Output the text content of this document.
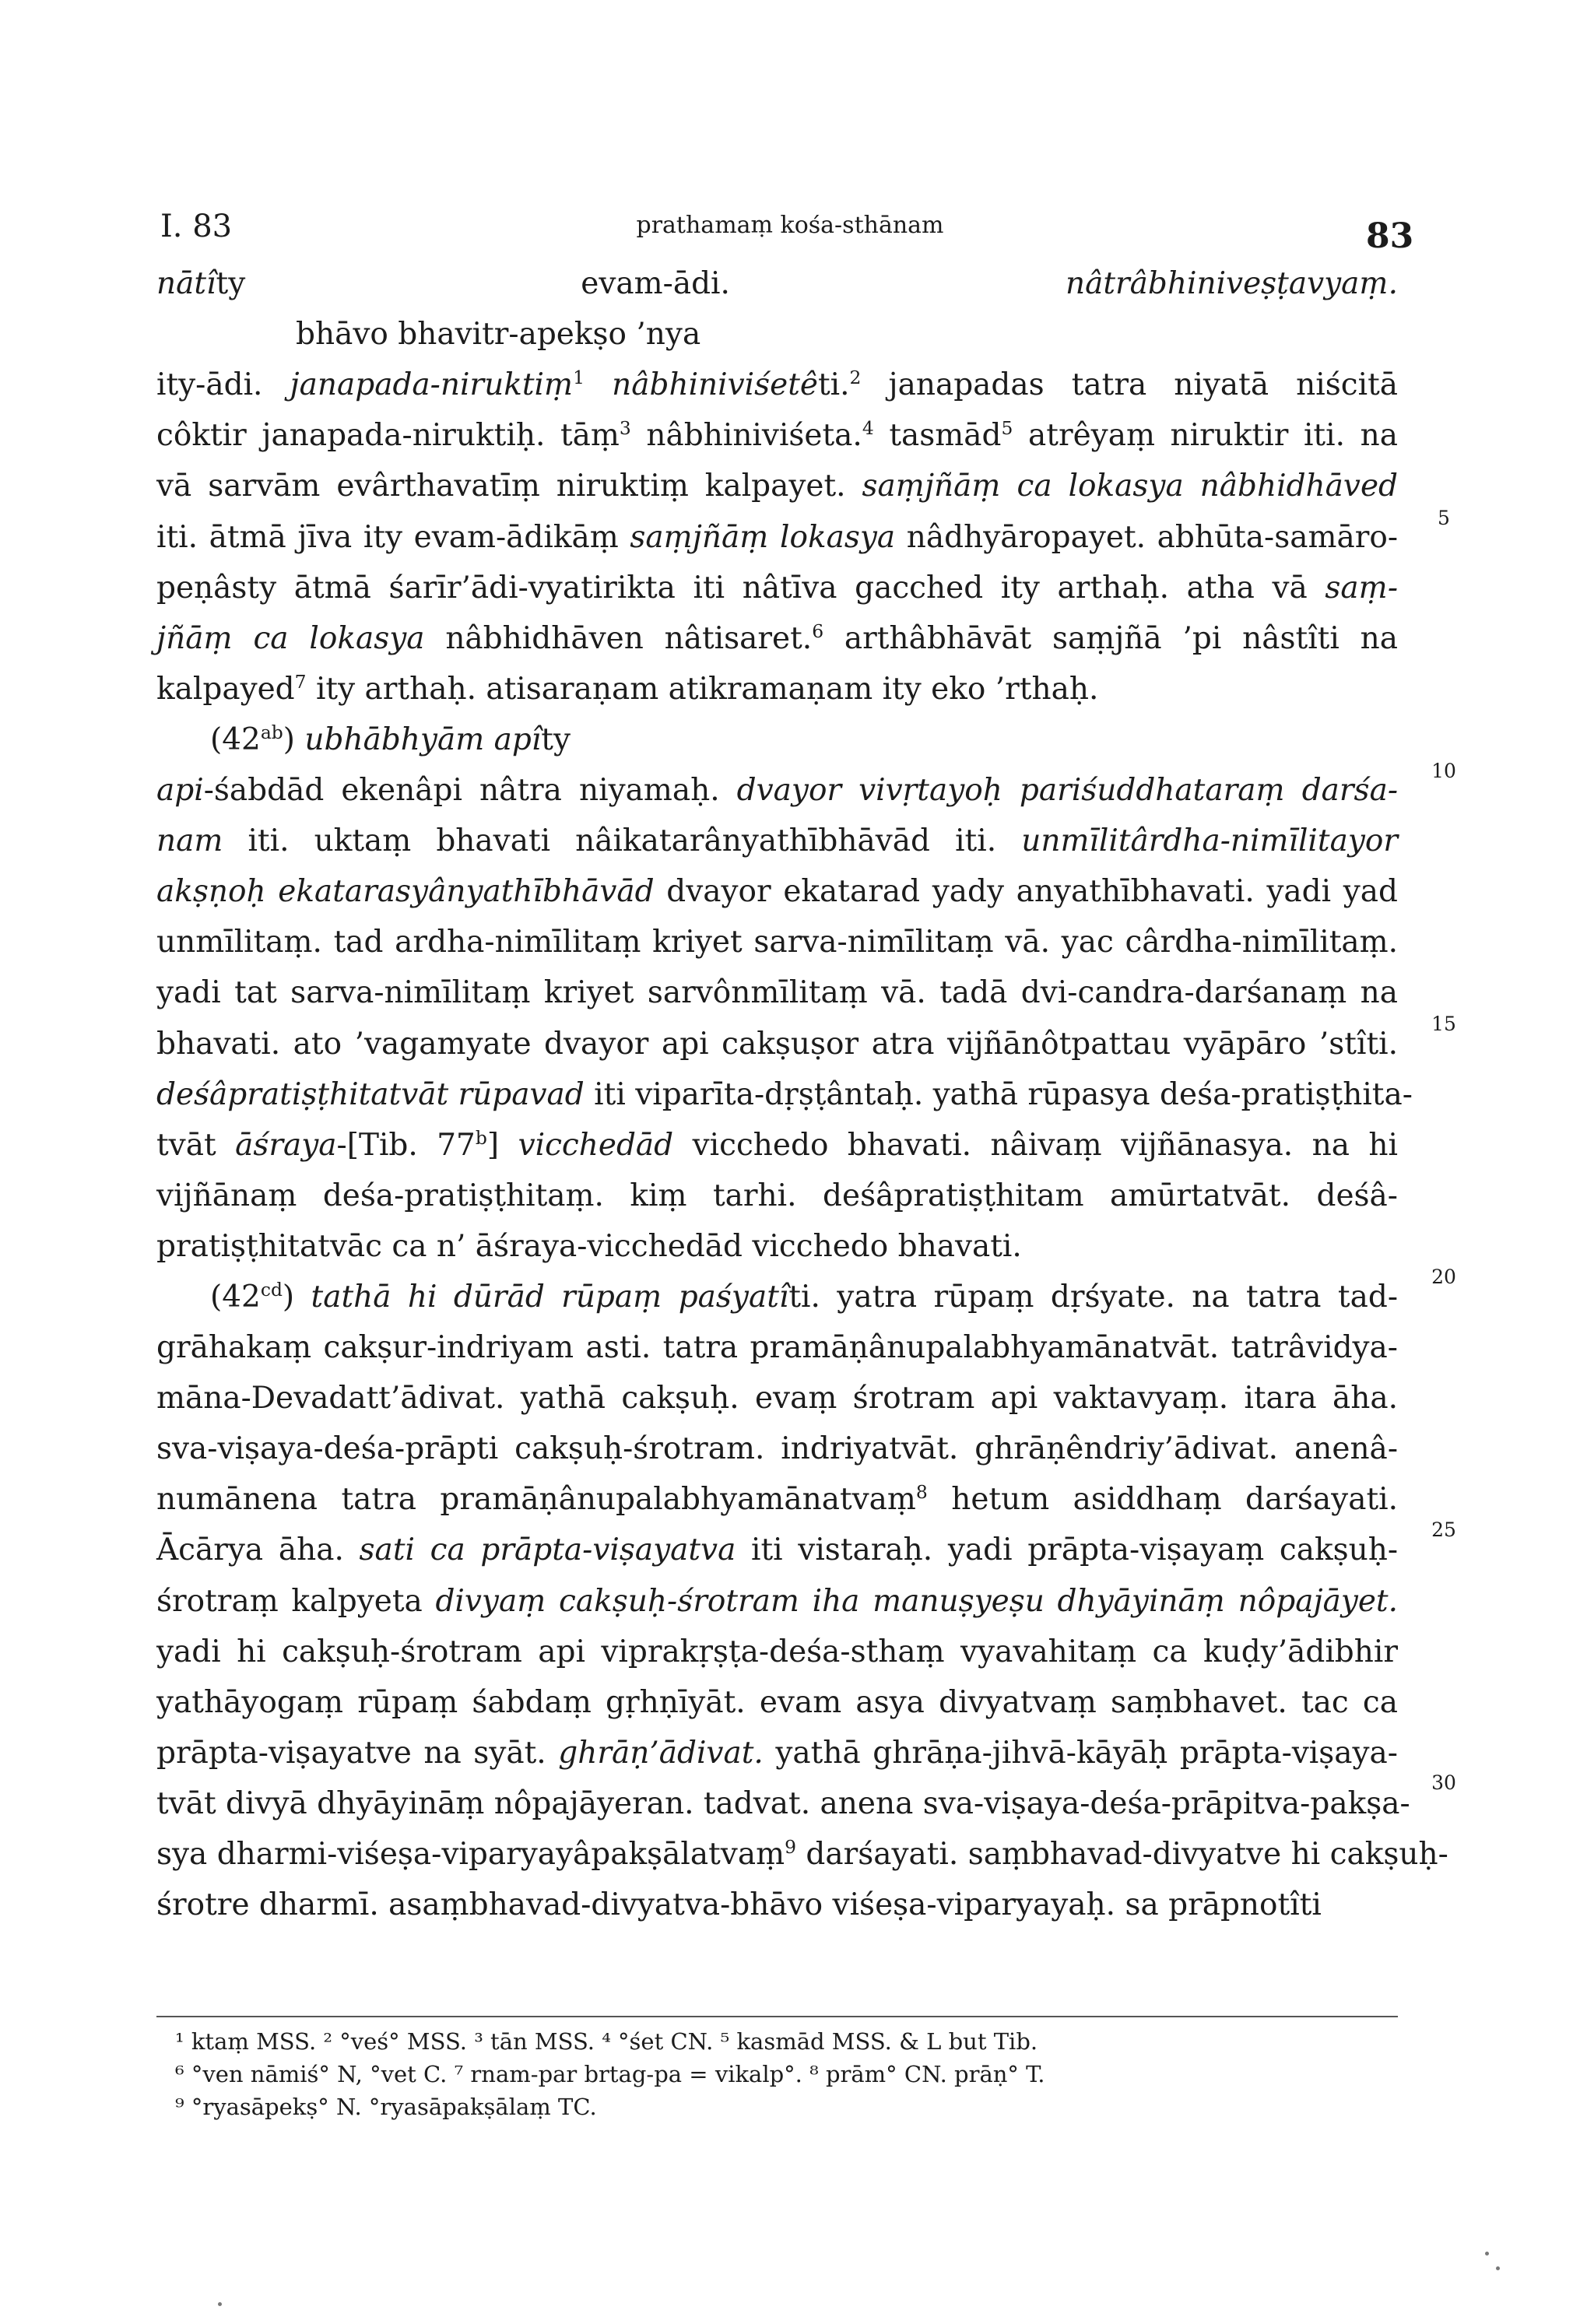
I. 83	prathamaṃ kośa-sthānam	83
nātîty evam-ādi. nâtrâbhiniveṣṭavyaṃ.
bhāvo bhavitr-apekṣo ’nya
ity-ādi. janapada-niruktiṃ$^1$ nâbhiniviśetêti.$^2$ janapadas tatra niyatā niścitā
côktir janapada-niruktiḥ. tāṃ$^3$ nâbhiniviśeta.$^4$ tasmād$^5$ atrêyaṃ niruktir iti. na
vā sarvām evârthavatīṃ niruktiṃ kalpayet. saṃjñāṃ ca lokasya nâbhidhāved
iti. ātmā jīva ity evam-ādikāṃ saṃjñāṃ lokasya nâdhyāropayet. abhūta-samāro-
peṇâsty ātmā śarīr’ādi-vyatirikta iti nâtīva gacched ity arthaḥ. atha vā saṃ-
jñāṃ ca lokasya nâbhidhāven nâtisaret.$^6$ arthâbhāvāt saṃjñā ’pi nâstîti na
kalpayed$^7$ ity arthaḥ. atisaraṇam atikramaṇam ity eko ’rthaḥ.
$(42^{ab})$ ubhābhyām apîty
api-śabdād ekenâpi nâtra niyamaḥ. dvayor vivṛtayoḥ pariśuddhataraṃ darśa-
nam iti. uktaṃ bhavati nâikatarânyathībhāvād iti. unmīlitârdha-nimīlitayor
akṣṇoḥ ekatarasyânyathībhāvād dvayor ekatarad yady anyathībhavati. yadi yad
unmīlitaṃ. tad ardha-nimīlitaṃ kriyet sarva-nimīlitaṃ vā. yac cârdha-nimīlitaṃ.
yadi tat sarva-nimīlitaṃ kriyet sarvônmīlitaṃ vā. tadā dvi-candra-darśanaṃ na
bhavati. ato ’vagamyate dvayor api cakṣuṣor atra vijñānôtpattau vyāpāro ’stîti.
deśâpratiṣṭhitatvāt rūpavad iti viparīta-dṛṣṭântaḥ. yathā rūpasya deśa-pratiṣṭhita-
tvāt āśraya-[Tib. 77$^b$] vicchedād vicchedo bhavati. nâivaṃ vijñānasya. na hi
vijñānaṃ deśa-pratiṣṭhitaṃ. kiṃ tarhi. deśâpratiṣṭhitam amūrtatvāt. deśâ-
pratiṣṭhitatvāc ca n’ āśraya-vicchedād vicchedo bhavati.
$(42^{cd})$ tathā hi dūrād rūpaṃ paśyatîti. yatra rūpaṃ dṛśyate. na tatra tad-
grāhakaṃ cakṣur-indriyam asti. tatra pramāṇânupalabhyamānatvāt. tatrâvidya-
māna-Devadatt’ādivat. yathā cakṣuḥ. evaṃ śrotram api vaktavyaṃ. itara āha.
sva-viṣaya-deśa-prāpti cakṣuḥ-śrotram. indriyatvāt. ghrāṇêndriy’ādivat. anenâ-
numānena tatra pramāṇânupalabhyamānatvaṃ$^8$ hetum asiddhaṃ darśayati.
Ācārya āha. sati ca prāpta-viṣayatva iti vistaraḥ. yadi prāpta-viṣayaṃ cakṣuḥ-
śrotraṃ kalpyeta divyaṃ cakṣuḥ-śrotram iha manuṣyeṣu dhyāyināṃ nôpajāyet.
yadi hi cakṣuḥ-śrotram api viprakṛṣṭa-deśa-sthaṃ vyavahitaṃ ca kuḍy’ādibhir
yathāyogaṃ rūpaṃ śabdaṃ gṛhṇīyāt. evam asya divyatvaṃ saṃbhavet. tac ca
prāpta-viṣayatve na syāt. ghrāṇ’ādivat. yathā ghrāṇa-jihvā-kāyāḥ prāpta-viṣaya-
tvāt divyā dhyāyināṃ nôpajāyeran. tadvat. anena sva-viṣaya-deśa-prāpitva-pakṣa-
sya dharmi-viśeṣa-viparyayâpakṣālatvaṃ$^9$ darśayati. saṃbhavad-divyatve hi cakṣuḥ-
śrotre dharmī. asaṃbhavad-divyatva-bhāvo viśeṣa-viparyayaḥ. sa prāpnotîti
5
10
15
20
25
30
¹ ktaṃ MSS. ² °veś° MSS. ³ tān MSS. ⁴ °śet CN. ⁵ kasmād MSS. & L but Tib.
⁶ °ven nāmiś° N, °vet C. ⁷ rnam-par brtag-pa = vikalp°. ⁸ prām° CN. prāṇ° T.
⁹ °ryasāpekṣ° N. °ryasāpakṣālaṃ TC.
